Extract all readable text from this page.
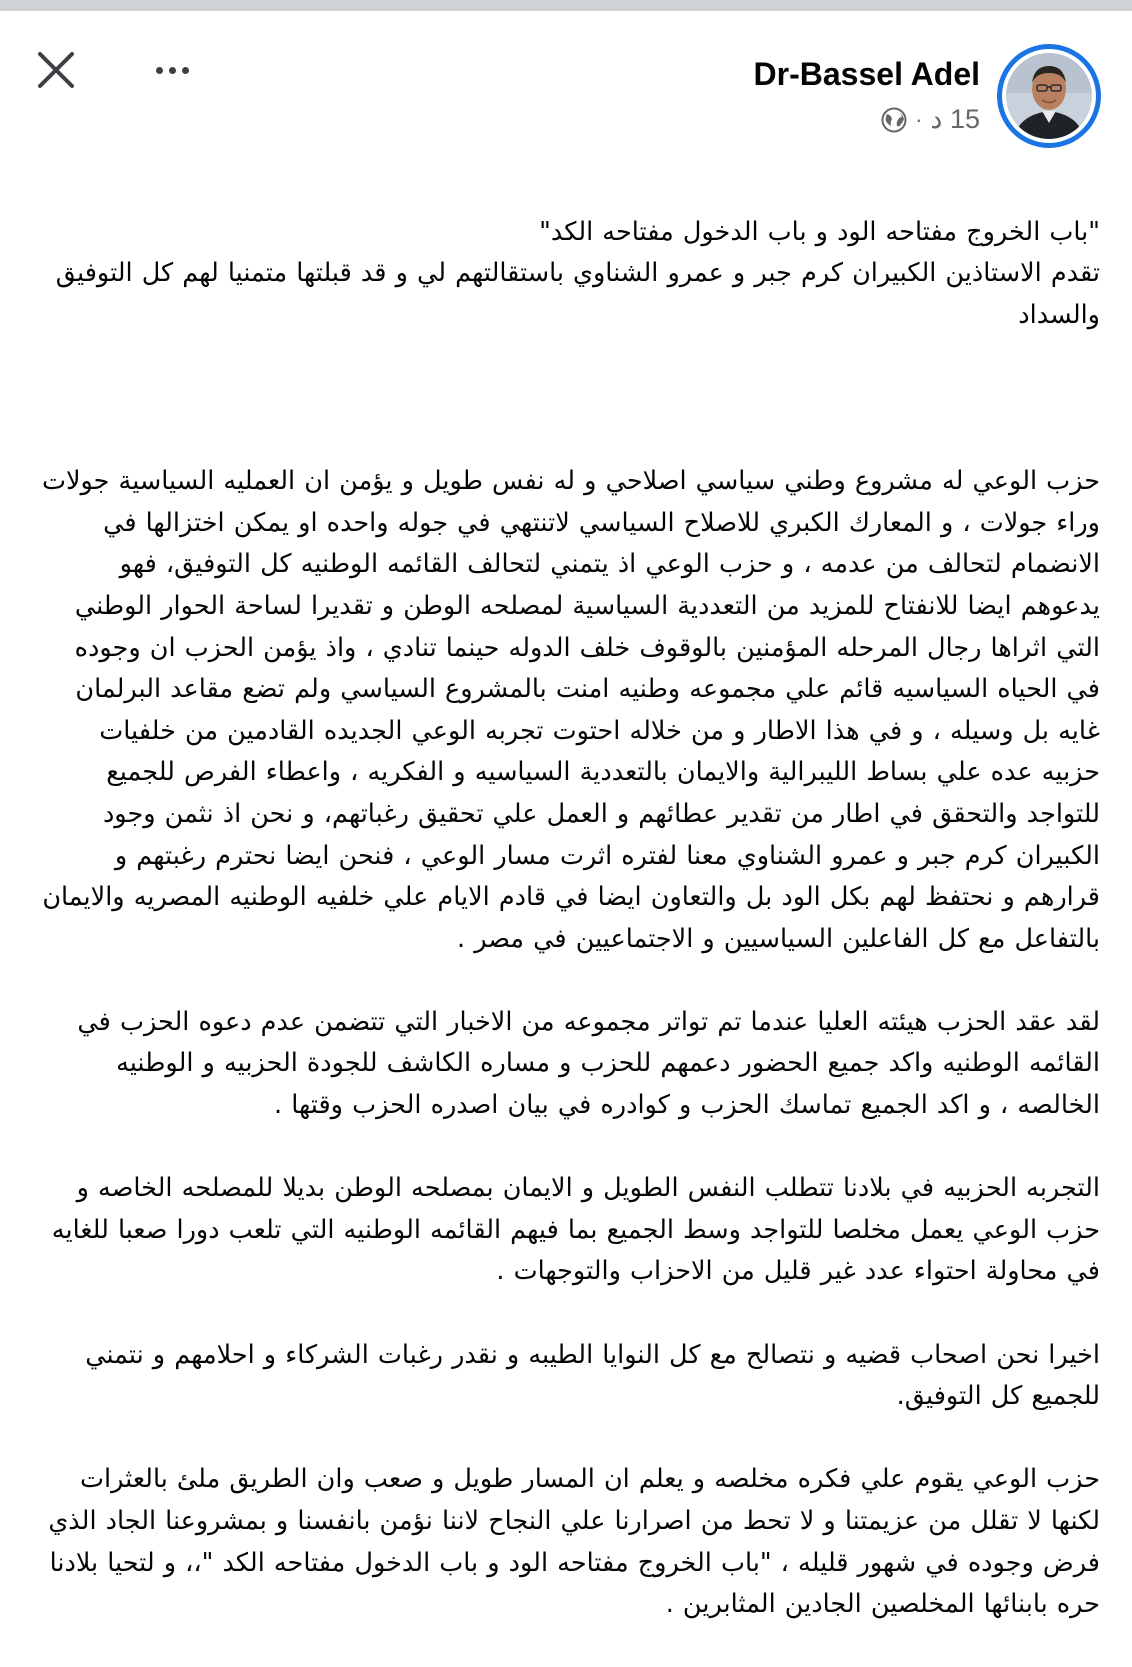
Dr-Bassel Adel
· 15 د

"باب الخروج مفتاحه الود و باب الدخول مفتاحه الكد"
تقدم الاستاذين الكبيران كرم جبر و عمرو الشناوي باستقالتهم لي و قد قبلتها متمنيا لهم كل التوفيق والسداد

حزب الوعي له مشروع وطني سياسي اصلاحي و له نفس طويل و يؤمن ان العمليه السياسية جولات وراء جولات ، و المعارك الكبري للاصلاح السياسي لاتنتهي في جوله واحده او يمكن اختزالها في الانضمام لتحالف من عدمه ، و حزب الوعي اذ يتمني لتحالف القائمه الوطنيه كل التوفيق، فهو يدعوهم ايضا للانفتاح للمزيد من التعددية السياسية لمصلحه الوطن و تقديرا لساحة الحوار الوطني التي اثراها رجال المرحله المؤمنين بالوقوف خلف الدوله حينما تنادي ، واذ يؤمن الحزب ان وجوده في الحياه السياسيه قائم علي مجموعه وطنيه امنت بالمشروع السياسي ولم تضع مقاعد البرلمان غايه بل وسيله ، و في هذا الاطار و من خلاله احتوت تجربه الوعي الجديده القادمين من خلفيات حزبيه عده علي بساط الليبرالية والايمان بالتعددية السياسيه و الفكريه ، واعطاء الفرص للجميع للتواجد والتحقق في اطار من تقدير عطائهم و العمل علي تحقيق رغباتهم، و نحن اذ نثمن وجود الكبيران كرم جبر و عمرو الشناوي معنا لفتره اثرت مسار الوعي ، فنحن ايضا نحترم رغبتهم و قرارهم و نحتفظ لهم بكل الود بل والتعاون ايضا في قادم الايام علي خلفيه الوطنيه المصريه والايمان بالتفاعل مع كل الفاعلين السياسيين و الاجتماعيين في مصر .

لقد عقد الحزب هيئته العليا عندما تم تواتر مجموعه من الاخبار التي تتضمن عدم دعوه الحزب في القائمه الوطنيه واكد جميع الحضور دعمهم للحزب و مساره الكاشف للجودة الحزبيه و الوطنيه الخالصه ، و اكد الجميع تماسك الحزب و كوادره في بيان اصدره الحزب وقتها .

التجربه الحزبيه في بلادنا تتطلب النفس الطويل و الايمان بمصلحه الوطن بديلا للمصلحه الخاصه و حزب الوعي يعمل مخلصا للتواجد وسط الجميع بما فيهم القائمه الوطنيه التي تلعب دورا صعبا للغايه في محاولة احتواء عدد غير قليل من الاحزاب والتوجهات .

اخيرا نحن اصحاب قضيه و نتصالح مع كل النوايا الطيبه و نقدر رغبات الشركاء و احلامهم و نتمني للجميع كل التوفيق.

حزب الوعي يقوم علي فكره مخلصه و يعلم ان المسار طويل و صعب وان الطريق ملئ بالعثرات لكنها لا تقلل من عزيمتنا و لا تحط من اصرارنا علي النجاح لاننا نؤمن بانفسنا و بمشروعنا الجاد الذي فرض وجوده في شهور قليله ، "باب الخروج مفتاحه الود و باب الدخول مفتاحه الكد "،، و لتحيا بلادنا حره بابنائها المخلصين الجادين المثابرين .
